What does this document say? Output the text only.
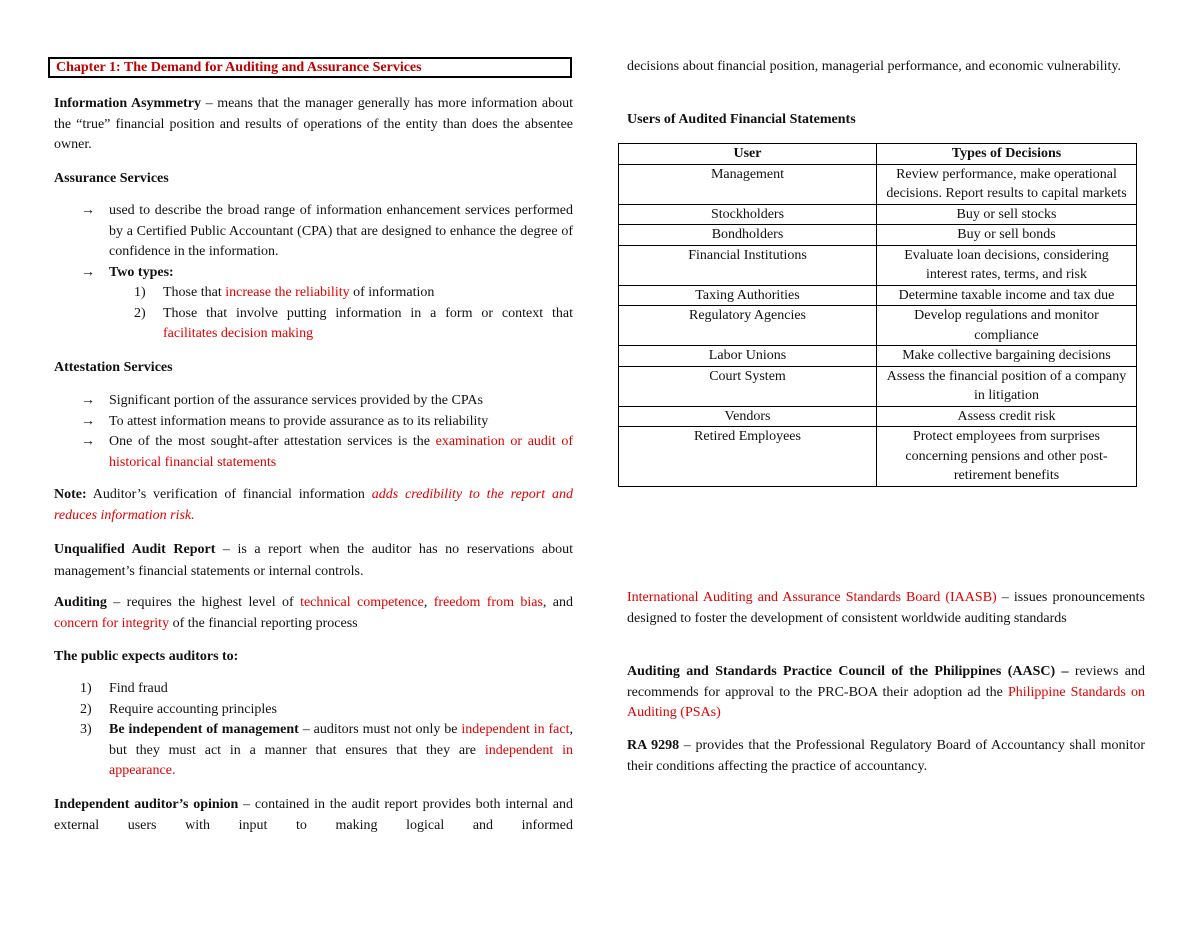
Chapter 1: The Demand for Auditing and Assurance Services
Information Asymmetry – means that the manager generally has more information about the “true” financial position and results of operations of the entity than does the absentee owner.
Assurance Services
→ used to describe the broad range of information enhancement services performed by a Certified Public Accountant (CPA) that are designed to enhance the degree of confidence in the information.
→ Two types:
1) Those that increase the reliability of information
2) Those that involve putting information in a form or context that facilitates decision making
Attestation Services
→ Significant portion of the assurance services provided by the CPAs
→ To attest information means to provide assurance as to its reliability
→ One of the most sought-after attestation services is the examination or audit of historical financial statements
Note: Auditor’s verification of financial information adds credibility to the report and reduces information risk.
Unqualified Audit Report – is a report when the auditor has no reservations about management’s financial statements or internal controls.
Auditing – requires the highest level of technical competence, freedom from bias, and concern for integrity of the financial reporting process
The public expects auditors to:
1) Find fraud
2) Require accounting principles
3) Be independent of management – auditors must not only be independent in fact, but they must act in a manner that ensures that they are independent in appearance.
Independent auditor’s opinion – contained in the audit report provides both internal and external users with input to making logical and informed
decisions about financial position, managerial performance, and economic vulnerability.
Users of Audited Financial Statements
User	Types of Decisions
Management	Review performance, make operational decisions. Report results to capital markets
Stockholders	Buy or sell stocks
Bondholders	Buy or sell bonds
Financial Institutions	Evaluate loan decisions, considering interest rates, terms, and risk
Taxing Authorities	Determine taxable income and tax due
Regulatory Agencies	Develop regulations and monitor compliance
Labor Unions	Make collective bargaining decisions
Court System	Assess the financial position of a company in litigation
Vendors	Assess credit risk
Retired Employees	Protect employees from surprises concerning pensions and other post-retirement benefits
International Auditing and Assurance Standards Board (IAASB) – issues pronouncements designed to foster the development of consistent worldwide auditing standards
Auditing and Standards Practice Council of the Philippines (AASC) – reviews and recommends for approval to the PRC-BOA their adoption ad the Philippine Standards on Auditing (PSAs)
RA 9298 – provides that the Professional Regulatory Board of Accountancy shall monitor their conditions affecting the practice of accountancy.
